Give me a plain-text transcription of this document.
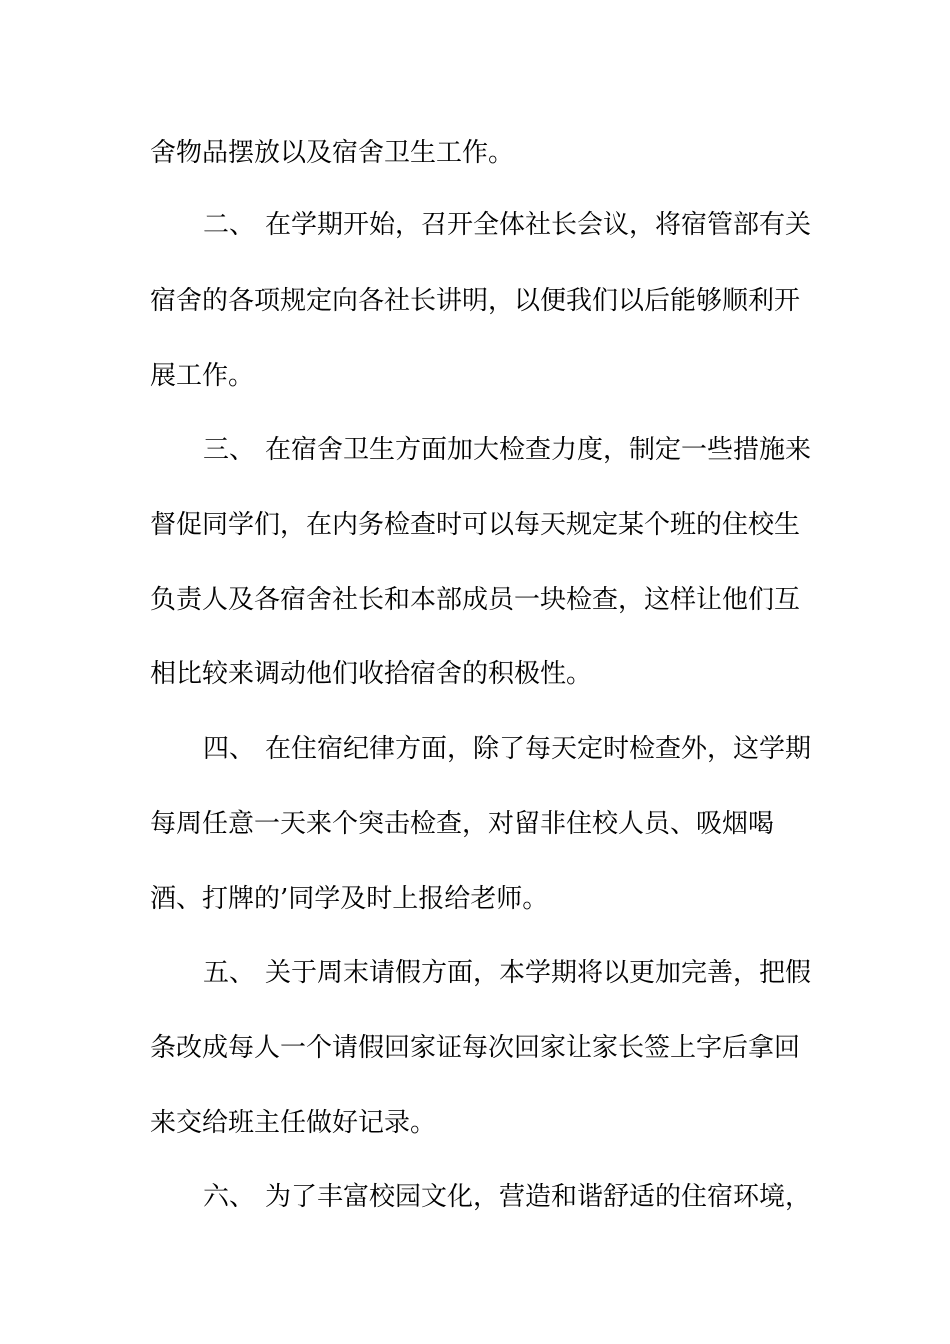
舍物品摆放以及宿舍卫生工作。
二、 在学期开始，召开全体社长会议，将宿管部有关
宿舍的各项规定向各社长讲明，以便我们以后能够顺利开
展工作。
三、 在宿舍卫生方面加大检查力度，制定一些措施来
督促同学们，在内务检查时可以每天规定某个班的住校生
负责人及各宿舍社长和本部成员一块检查，这样让他们互
相比较来调动他们收拾宿舍的积极性。
四、 在住宿纪律方面，除了每天定时检查外，这学期
每周任意一天来个突击检查，对留非住校人员、吸烟喝
酒、打牌的’同学及时上报给老师。
五、 关于周末请假方面，本学期将以更加完善，把假
条改成每人一个请假回家证每次回家让家长签上字后拿回
来交给班主任做好记录。
六、 为了丰富校园文化，营造和谐舒适的住宿环境，
